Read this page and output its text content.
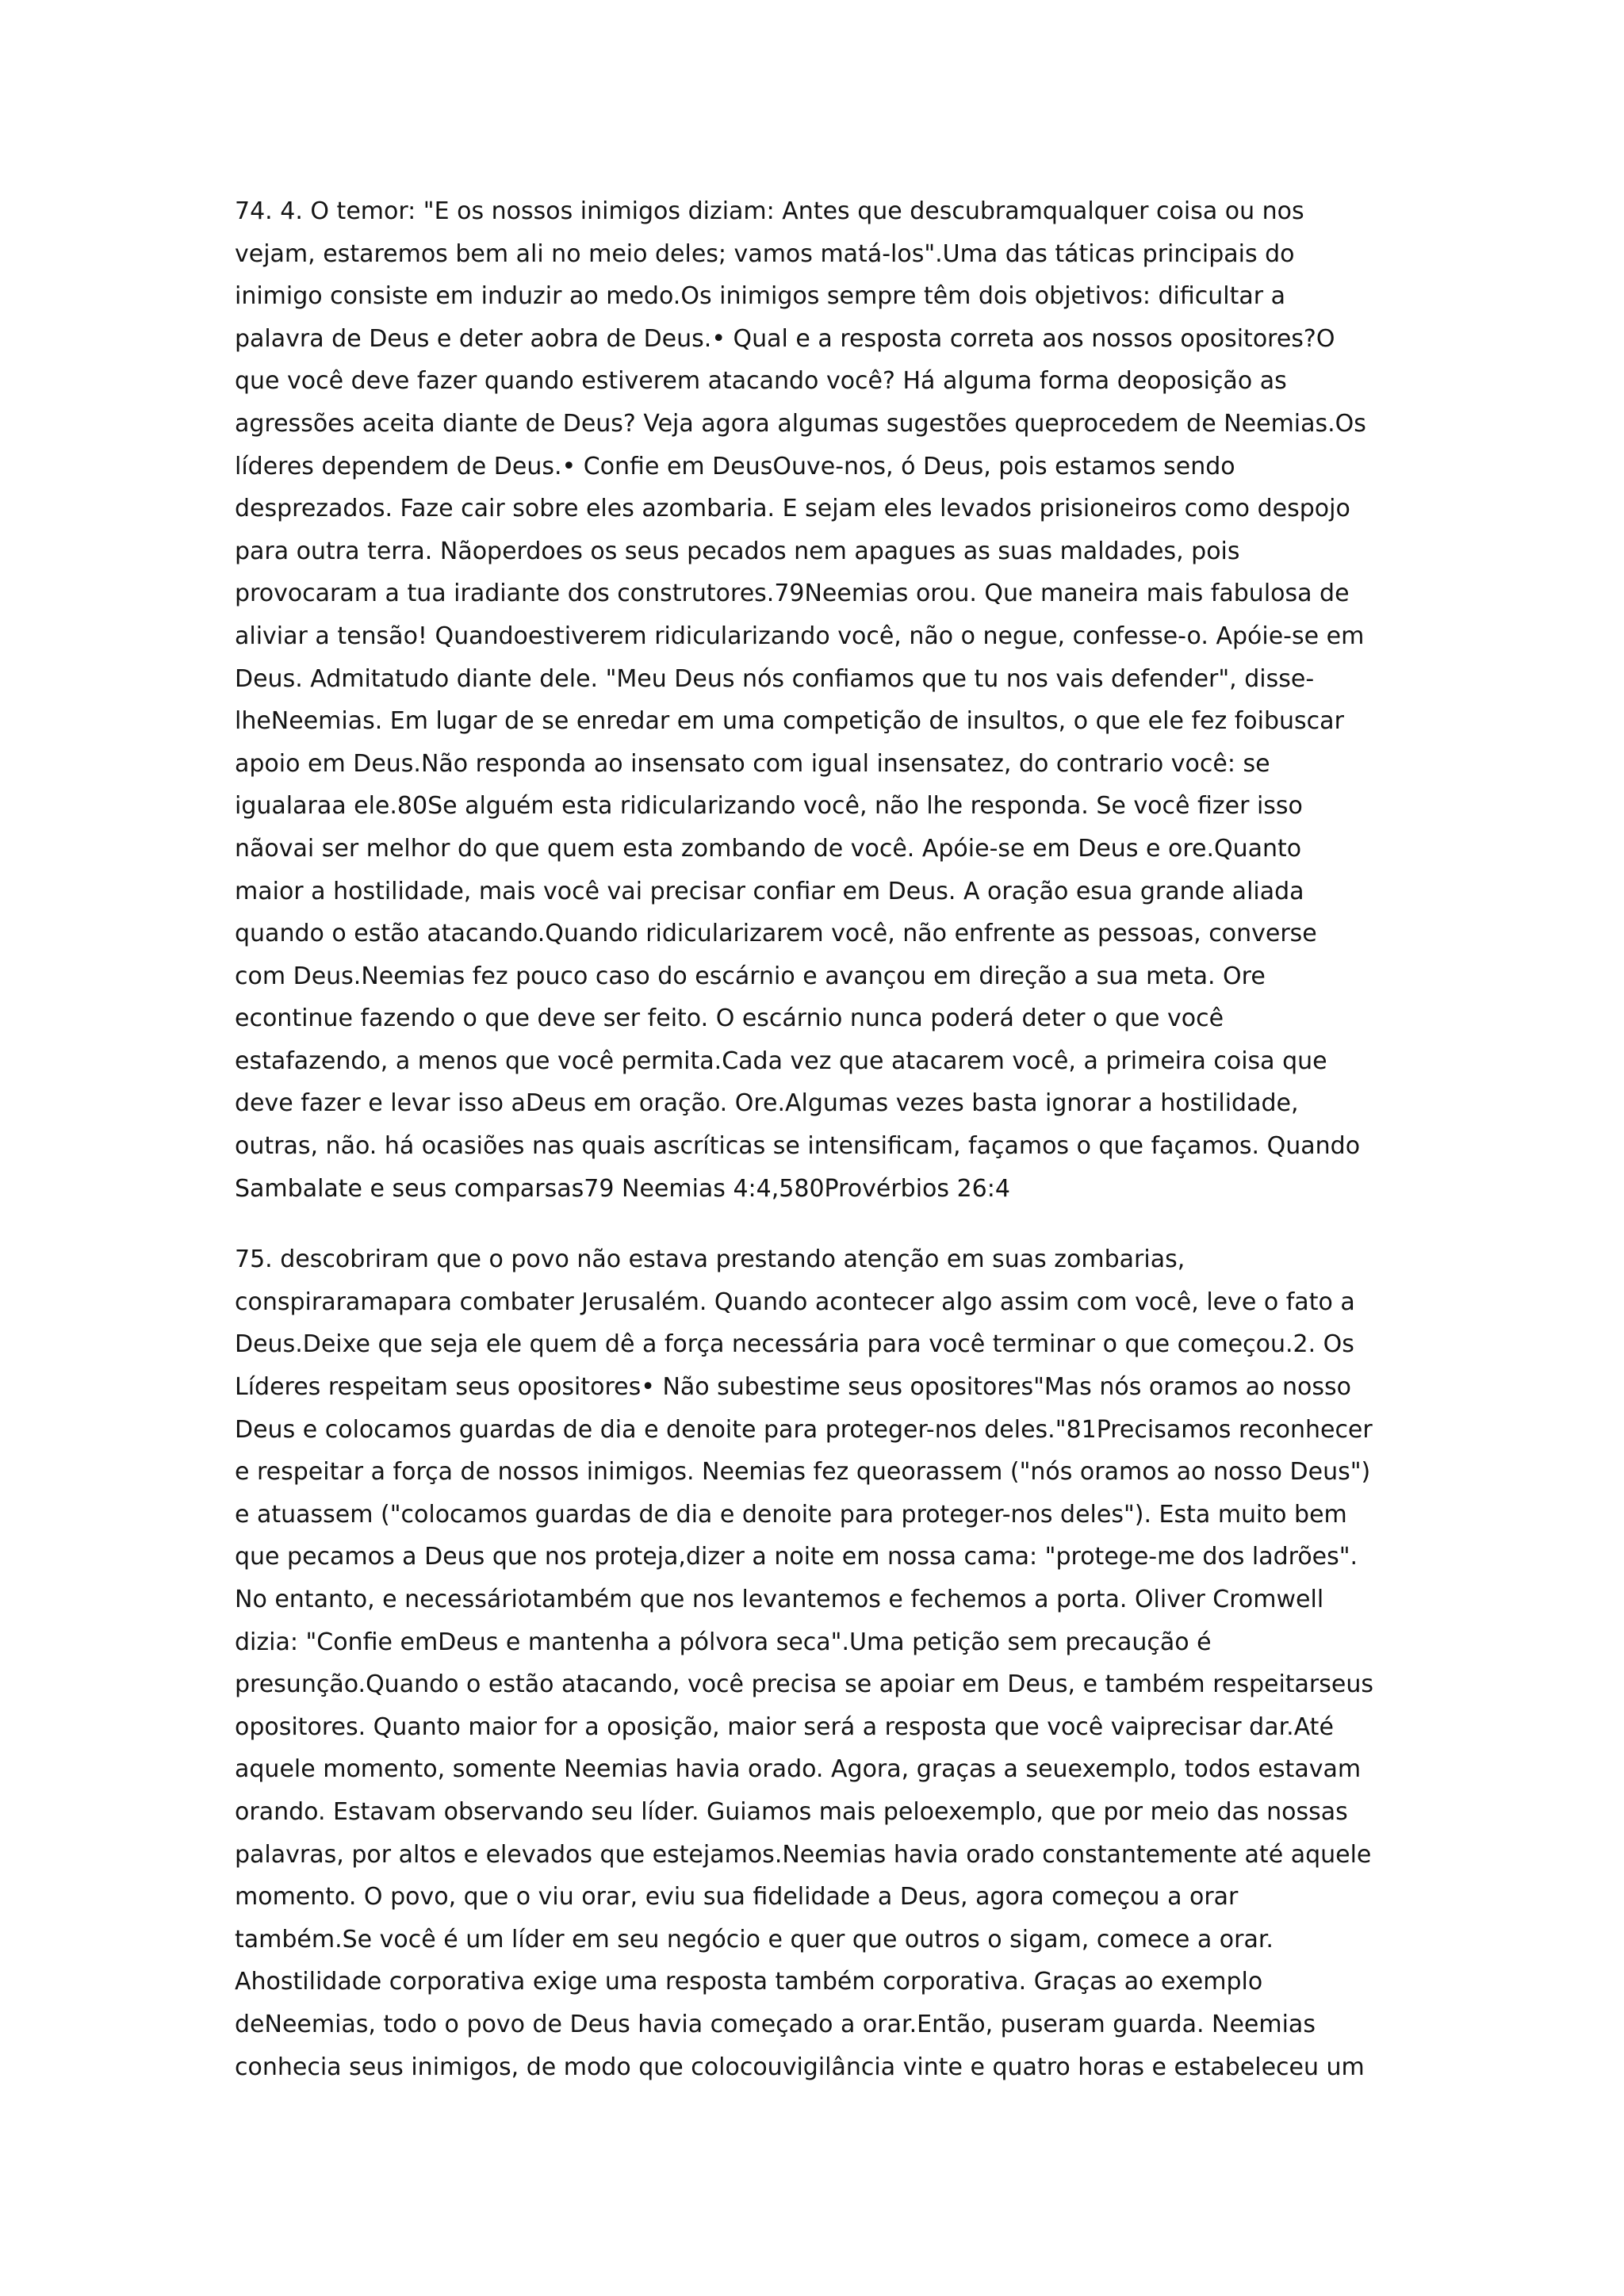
74. 4. O temor: "E os nossos inimigos diziam: Antes que descubramqualquer coisa ou nos
vejam, estaremos bem ali no meio deles; vamos matá-los".Uma das táticas principais do
inimigo consiste em induzir ao medo.Os inimigos sempre têm dois objetivos: dificultar a
palavra de Deus e deter aobra de Deus.• Qual e a resposta correta aos nossos opositores?O
que você deve fazer quando estiverem atacando você? Há alguma forma deoposição as
agressões aceita diante de Deus? Veja agora algumas sugestões queprocedem de Neemias.Os
líderes dependem de Deus.• Confie em DeusOuve-nos, ó Deus, pois estamos sendo
desprezados. Faze cair sobre eles azombaria. E sejam eles levados prisioneiros como despojo
para outra terra. Nãoperdoes os seus pecados nem apagues as suas maldades, pois
provocaram a tua iradiante dos construtores.79Neemias orou. Que maneira mais fabulosa de
aliviar a tensão! Quandoestiverem ridicularizando você, não o negue, confesse-o. Apóie-se em
Deus. Admitatudo diante dele. "Meu Deus nós confiamos que tu nos vais defender", disse-
lheNeemias. Em lugar de se enredar em uma competição de insultos, o que ele fez foibuscar
apoio em Deus.Não responda ao insensato com igual insensatez, do contrario você: se
igualaraa ele.80Se alguém esta ridicularizando você, não lhe responda. Se você fizer isso
nãovai ser melhor do que quem esta zombando de você. Apóie-se em Deus e ore.Quanto
maior a hostilidade, mais você vai precisar confiar em Deus. A oração esua grande aliada
quando o estão atacando.Quando ridicularizarem você, não enfrente as pessoas, converse
com Deus.Neemias fez pouco caso do escárnio e avançou em direção a sua meta. Ore
econtinue fazendo o que deve ser feito. O escárnio nunca poderá deter o que você
estafazendo, a menos que você permita.Cada vez que atacarem você, a primeira coisa que
deve fazer e levar isso aDeus em oração. Ore.Algumas vezes basta ignorar a hostilidade,
outras, não. há ocasiões nas quais ascríticas se intensificam, façamos o que façamos. Quando
Sambalate e seus comparsas79 Neemias 4:4,580Provérbios 26:4
75. descobriram que o povo não estava prestando atenção em suas zombarias,
conspiraramapara combater Jerusalém. Quando acontecer algo assim com você, leve o fato a
Deus.Deixe que seja ele quem dê a força necessária para você terminar o que começou.2. Os
Líderes respeitam seus opositores• Não subestime seus opositores"Mas nós oramos ao nosso
Deus e colocamos guardas de dia e denoite para proteger-nos deles."81Precisamos reconhecer
e respeitar a força de nossos inimigos. Neemias fez queorassem ("nós oramos ao nosso Deus")
e atuassem ("colocamos guardas de dia e denoite para proteger-nos deles"). Esta muito bem
que pecamos a Deus que nos proteja,dizer a noite em nossa cama: "protege-me dos ladrões".
No entanto, e necessáriotambém que nos levantemos e fechemos a porta. Oliver Cromwell
dizia: "Confie emDeus e mantenha a pólvora seca".Uma petição sem precaução é
presunção.Quando o estão atacando, você precisa se apoiar em Deus, e também respeitarseus
opositores. Quanto maior for a oposição, maior será a resposta que você vaiprecisar dar.Até
aquele momento, somente Neemias havia orado. Agora, graças a seuexemplo, todos estavam
orando. Estavam observando seu líder. Guiamos mais peloexemplo, que por meio das nossas
palavras, por altos e elevados que estejamos.Neemias havia orado constantemente até aquele
momento. O povo, que o viu orar, eviu sua fidelidade a Deus, agora começou a orar
também.Se você é um líder em seu negócio e quer que outros o sigam, comece a orar.
Ahostilidade corporativa exige uma resposta também corporativa. Graças ao exemplo
deNeemias, todo o povo de Deus havia começado a orar.Então, puseram guarda. Neemias
conhecia seus inimigos, de modo que colocouvigilância vinte e quatro horas e estabeleceu um
